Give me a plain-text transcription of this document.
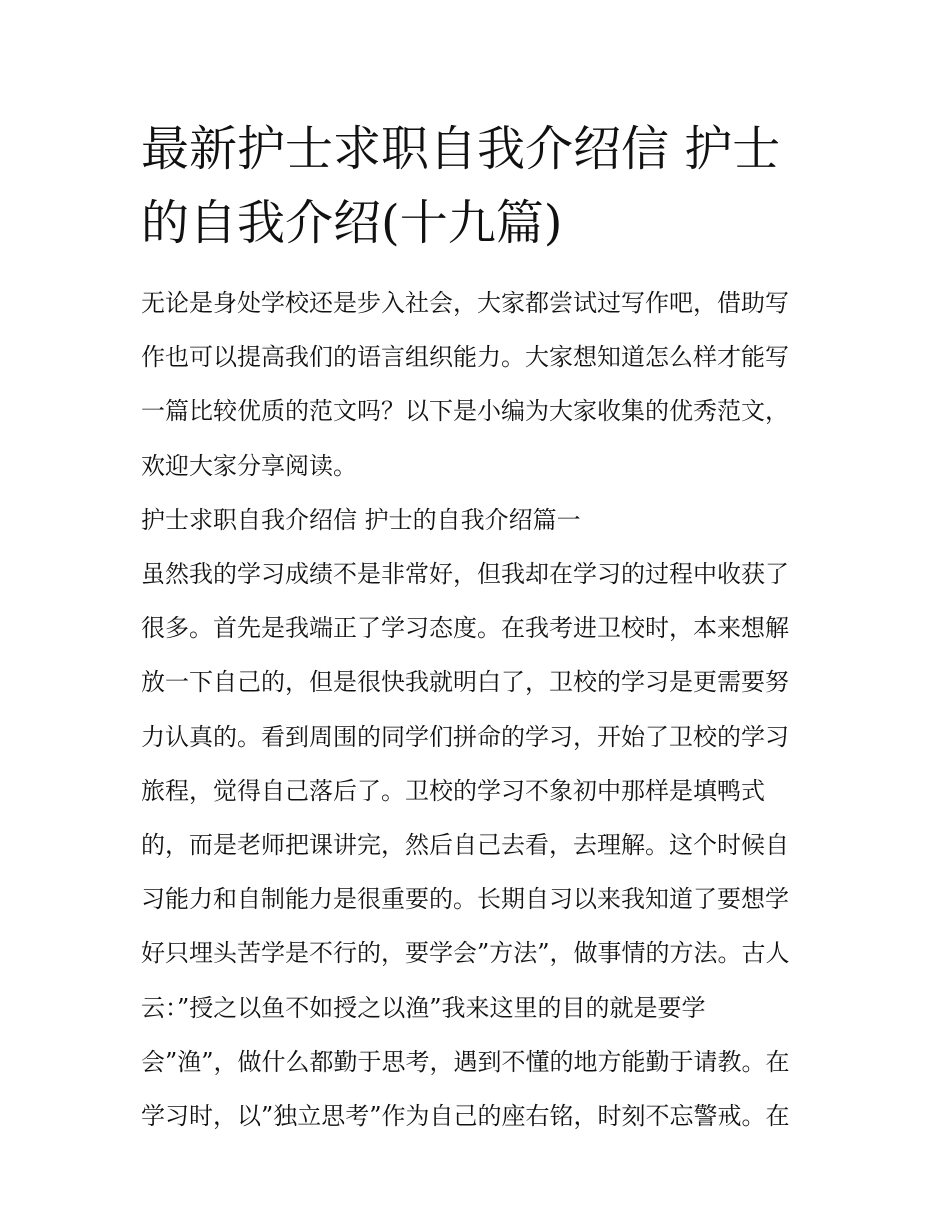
最新护士求职自我介绍信 护士
的自我介绍(十九篇)
无论是身处学校还是步入社会，大家都尝试过写作吧，借助写
作也可以提高我们的语言组织能力。大家想知道怎么样才能写
一篇比较优质的范文吗？以下是小编为大家收集的优秀范文，
欢迎大家分享阅读。
护士求职自我介绍信 护士的自我介绍篇一
虽然我的学习成绩不是非常好，但我却在学习的过程中收获了
很多。首先是我端正了学习态度。在我考进卫校时，本来想解
放一下自己的，但是很快我就明白了，卫校的学习是更需要努
力认真的。看到周围的同学们拼命的学习，开始了卫校的学习
旅程，觉得自己落后了。卫校的学习不象初中那样是填鸭式
的，而是老师把课讲完，然后自己去看，去理解。这个时候自
习能力和自制能力是很重要的。长期自习以来我知道了要想学
好只埋头苦学是不行的，要学会”方法”，做事情的方法。古人
云：”授之以鱼不如授之以渔”我来这里的目的就是要学
会”渔”，做什么都勤于思考，遇到不懂的地方能勤于请教。在
学习时，以”独立思考”作为自己的座右铭，时刻不忘警戒。在
